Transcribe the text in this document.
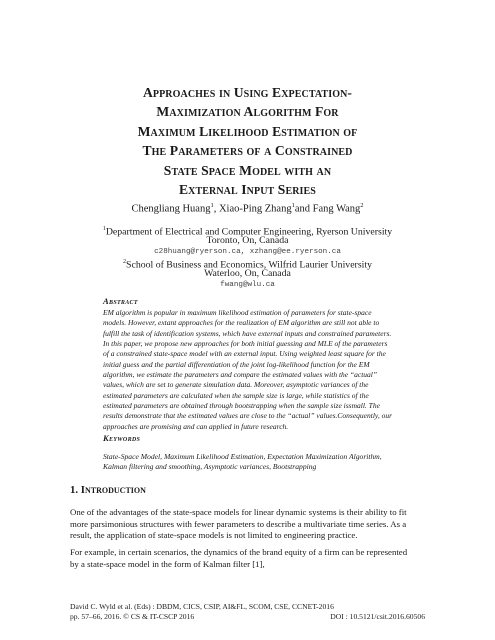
Approaches in Using Expectation-
Maximization Algorithm For
Maximum Likelihood Estimation of
The Parameters of a Constrained
State Space Model with an
External Input Series
Chengliang Huang$^1$, Xiao-Ping Zhang$^1$and Fang Wang$^2$
$^1$Department of Electrical and Computer Engineering, Ryerson University
Toronto, On, Canada
c28huang@ryerson.ca, xzhang@ee.ryerson.ca
$^2$School of Business and Economics, Wilfrid Laurier University
Waterloo, On, Canada
fwang@wlu.ca
Abstract
EM algorithm is popular in maximum likelihood estimation of parameters for state-space
models. However, extant approaches for the realization of EM algorithm are still not able to
fulfill the task of identification systems, which have external inputs and constrained parameters.
In this paper, we propose new approaches for both initial guessing and MLE of the parameters
of a constrained state-space model with an external input. Using weighted least square for the
initial guess and the partial differentiation of the joint log-likelihood function for the EM
algorithm, we estimate the parameters and compare the estimated values with the “actual”
values, which are set to generate simulation data. Moreover, asymptotic variances of the
estimated parameters are calculated when the sample size is large, while statistics of the
estimated parameters are obtained through bootstrapping when the sample size issmall. The
results demonstrate that the estimated values are close to the “actual” values.Consequently, our
approaches are promising and can applied in future research.
Keywords
State-Space Model, Maximum Likelihood Estimation, Expectation Maximization Algorithm,
Kalman filtering and smoothing, Asymptotic variances, Bootstrapping
1. Introduction
One of the advantages of the state-space models for linear dynamic systems is their ability to fit
more parsimonious structures with fewer parameters to describe a multivariate time series. As a
result, the application of state-space models is not limited to engineering practice.
For example, in certain scenarios, the dynamics of the brand equity of a firm can be represented
by a state-space model in the form of Kalman filter [1],
David C. Wyld et al. (Eds) : DBDM, CICS, CSIP, AI&FL, SCOM, CSE, CCNET-2016
pp. 57–66, 2016. © CS & IT-CSCP 2016	DOI : 10.5121/csit.2016.60506
